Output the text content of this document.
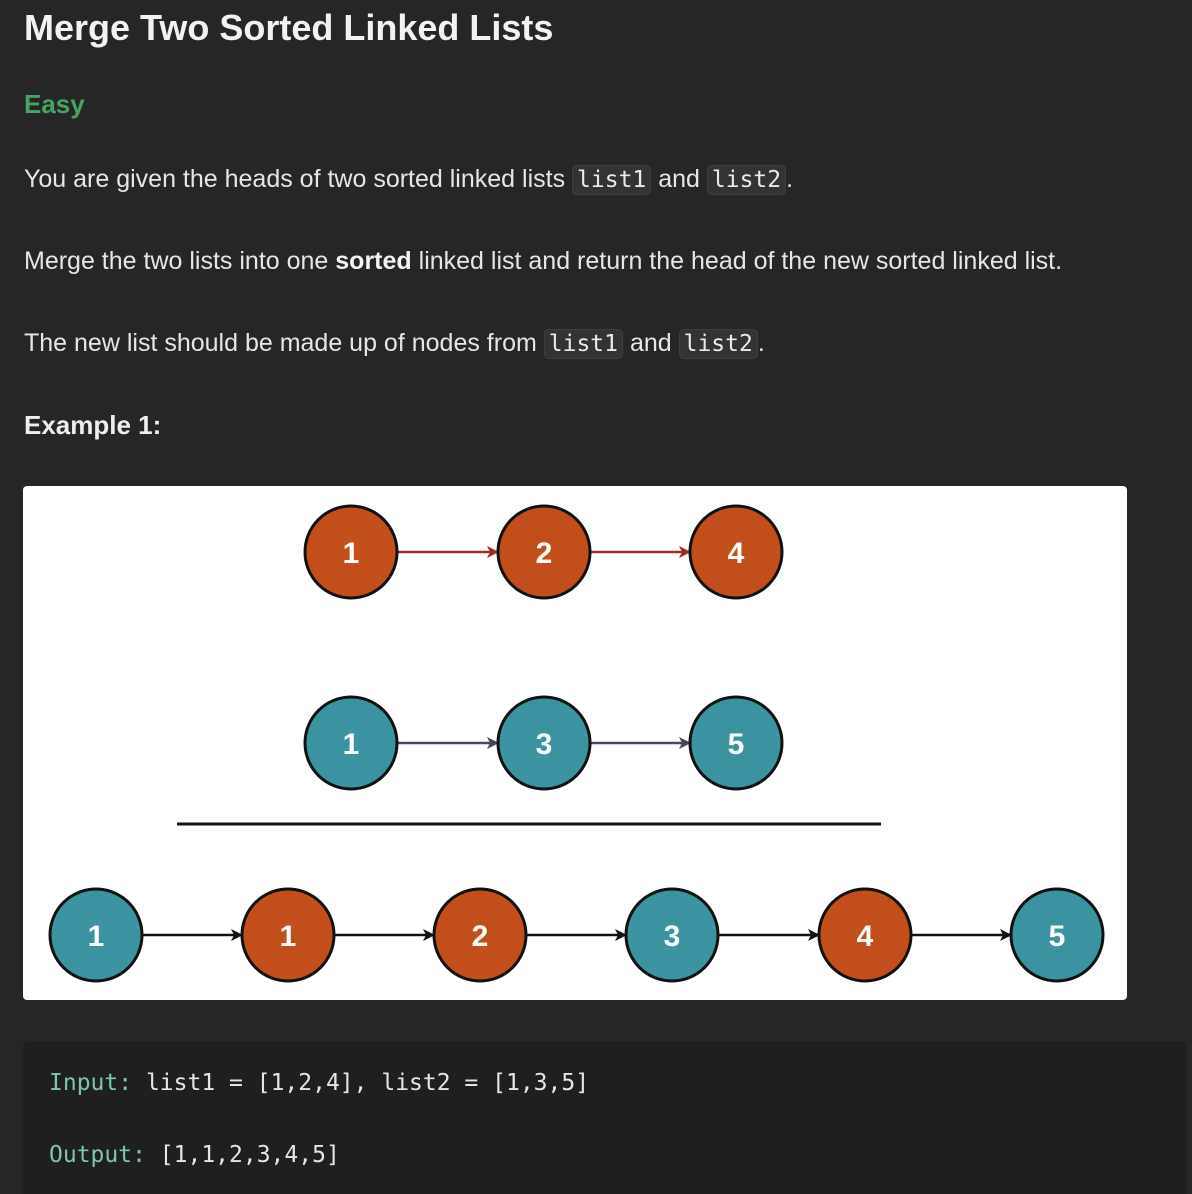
Merge Two Sorted Linked Lists
Easy
You are given the heads of two sorted linked lists list1 and list2 .
Merge the two lists into one sorted linked list and return the head of the new sorted linked list.
The new list should be made up of nodes from list1 and list2 .
Example 1:
1	2	4
1	3	5
1	1	2	3	4	5
Input: list1 = [1,2,4], list2 = [1,3,5]
Output: [1,1,2,3,4,5]
